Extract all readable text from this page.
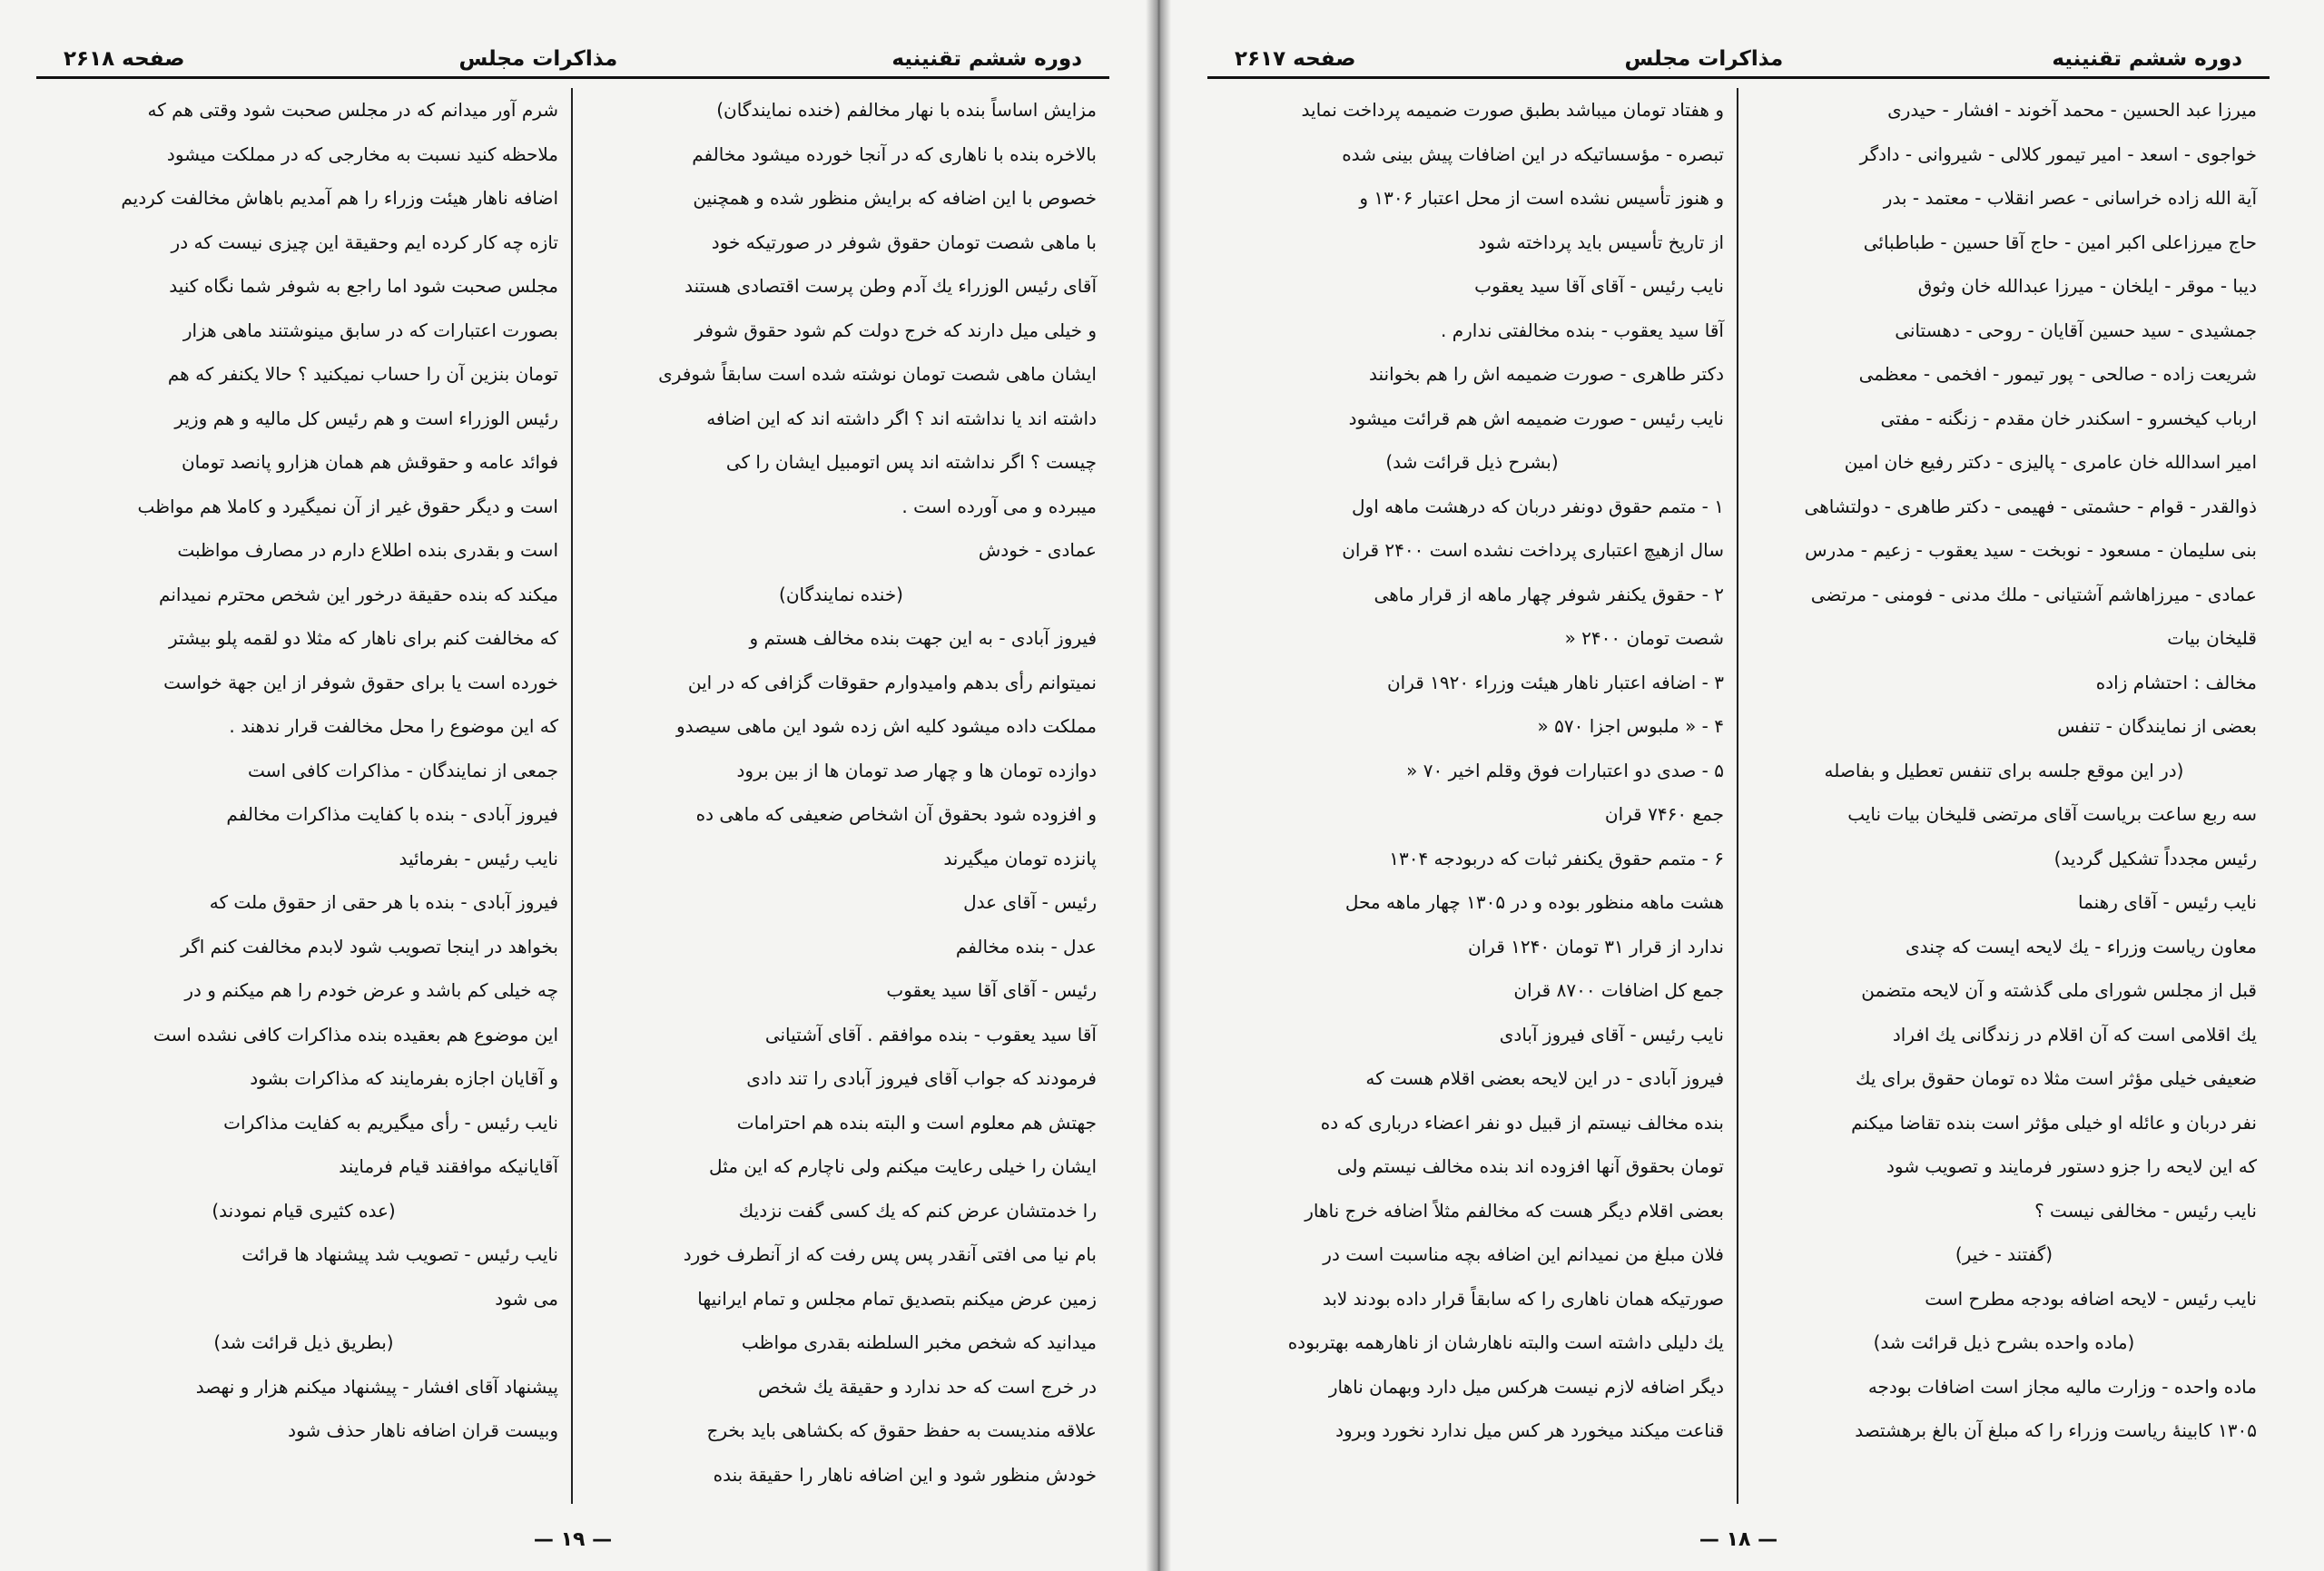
دوره ششم تقنینیه
مذاکرات مجلس
صفحه ۲۶۱۸
مزایش اساساً بنده با نهار مخالفم (خنده نمایندگان)
بالاخره بنده با ناهاری که در آنجا خورده میشود مخالفم
خصوص با این اضافه که برایش منظور شده و همچنین
با ماهی شصت تومان حقوق شوفر در صورتیکه خود
آقای رئیس الوزراء یك آدم وطن پرست اقتصادی هستند
و خیلی میل دارند که خرج دولت کم شود حقوق شوفر
ایشان ماهی شصت تومان نوشته شده است سابقاً شوفری
داشته اند یا نداشته اند ؟ اگر داشته اند که این اضافه
چیست ؟ اگر نداشته اند پس اتومبیل ایشان را کی
میبرده و می آورده است .
عمادی - خودش
(خنده نمایندگان)
فیروز آبادی - به این جهت بنده مخالف هستم و
نمیتوانم رأی بدهم وامیدوارم حقوقات گزافی که در این
مملکت داده میشود کلیه اش زده شود این ماهی سیصدو
دوازده تومان ها و چهار صد تومان ها از بین برود
و افزوده شود بحقوق آن اشخاص ضعیفی که ماهی ده
پانزده تومان میگیرند
رئیس - آقای عدل
عدل - بنده مخالفم
رئیس - آقای آقا سید یعقوب
آقا سید یعقوب - بنده موافقم . آقای آشتیانی
فرمودند که جواب آقای فیروز آبادی را تند دادی
جهتش هم معلوم است و البته بنده هم احترامات
ایشان را خیلی رعایت میکنم ولی ناچارم که این مثل
را خدمتشان عرض کنم که یك کسی گفت نزدیك
بام نیا می افتی آنقدر پس پس رفت که از آنطرف خورد
زمین عرض میکنم بتصدیق تمام مجلس و تمام ایرانیها
میدانید که شخص مخبر السلطنه بقدری مواظب
در خرج است که حد ندارد و حقیقة یك شخص
علاقه مندیست به حفظ حقوق که بکشاهی باید بخرج
خودش منظور شود و این اضافه ناهار را حقیقة بنده
شرم آور میدانم که در مجلس صحبت شود وقتی هم که
ملاحظه کنید نسبت به مخارجی که در مملکت میشود
اضافه ناهار هیئت وزراء را هم آمدیم باهاش مخالفت کردیم
تازه چه کار کرده ایم وحقیقة این چیزی نیست که در
مجلس صحبت شود اما راجع به شوفر شما نگاه کنید
بصورت اعتبارات که در سابق مینوشتند ماهی هزار
تومان بنزین آن را حساب نمیکنید ؟ حالا یکنفر که هم
رئیس الوزراء است و هم رئیس کل مالیه و هم وزیر
فوائد عامه و حقوقش هم همان هزارو پانصد تومان
است و دیگر حقوق غیر از آن نمیگیرد و کاملا هم مواظب
است و بقدری بنده اطلاع دارم در مصارف مواظبت
میکند که بنده حقیقة درخور این شخص محترم نمیدانم
که مخالفت کنم برای ناهار که مثلا دو لقمه پلو بیشتر
خورده است یا برای حقوق شوفر از این جهة خواست
که این موضوع را محل مخالفت قرار ندهند .
جمعی از نمایندگان - مذاکرات کافی است
فیروز آبادی - بنده با کفایت مذاکرات مخالفم
نایب رئیس - بفرمائید
فیروز آبادی - بنده با هر حقی از حقوق ملت که
بخواهد در اینجا تصویب شود لابدم مخالفت کنم اگر
چه خیلی کم باشد و عرض خودم را هم میکنم و در
این موضوع هم بعقیده بنده مذاکرات کافی نشده است
و آقایان اجازه بفرمایند که مذاکرات بشود
نایب رئیس - رأی میگیریم به کفایت مذاکرات
آقایانیکه موافقند قیام فرمایند
(عده کثیری قیام نمودند)
نایب رئیس - تصویب شد پیشنهاد ها قرائت
می شود
(بطریق ذیل قرائت شد)
پیشنهاد آقای افشار - پیشنهاد میکنم هزار و نهصد
وبیست قران اضافه ناهار حذف شود
— ۱۹ —
دوره ششم تقنینیه
مذاکرات مجلس
صفحه ۲۶۱۷
میرزا عبد الحسین - محمد آخوند - افشار - حیدری
خواجوی - اسعد - امیر تیمور کلالی - شیروانی - دادگر
آیة الله زاده خراسانی - عصر انقلاب - معتمد - بدر
حاج میرزاعلی اکبر امین - حاج آقا حسین - طباطبائی
دیبا - موقر - ایلخان - میرزا عبدالله خان وثوق
جمشیدی - سید حسین آقایان - روحی - دهستانی
شریعت زاده - صالحی - پور تیمور - افخمی - معظمی
ارباب کیخسرو - اسکندر خان مقدم - زنگنه - مفتی
امیر اسدالله خان عامری - پالیزی - دکتر رفیع خان امین
ذوالقدر - قوام - حشمتی - فهیمی - دکتر طاهری - دولتشاهی
بنی سلیمان - مسعود - نوبخت - سید یعقوب - زعیم - مدرس
عمادی - میرزاهاشم آشتیانی - ملك مدنی - فومنی - مرتضی
قلیخان بیات
مخالف : احتشام زاده
بعضی از نمایندگان - تنفس
(در این موقع جلسه برای تنفس تعطیل و بفاصله
سه ربع ساعت بریاست آقای مرتضی قلیخان بیات نایب
رئیس مجدداً تشکیل گردید)
نایب رئیس - آقای رهنما
معاون ریاست وزراء - یك لایحه ایست که چندی
قبل از مجلس شورای ملی گذشته و آن لایحه متضمن
یك اقلامی است که آن اقلام در زندگانی یك افراد
ضعیفی خیلی مؤثر است مثلا ده تومان حقوق برای یك
نفر دربان و عائله او خیلی مؤثر است بنده تقاضا میکنم
که این لایحه را جزو دستور فرمایند و تصویب شود
نایب رئیس - مخالفی نیست ؟
(گفتند - خیر)
نایب رئیس - لایحه اضافه بودجه مطرح است
(ماده واحده بشرح ذیل قرائت شد)
ماده واحده - وزارت مالیه مجاز است اضافات بودجه
۱۳۰۵ کابینهٔ ریاست وزراء را که مبلغ آن بالغ برهشتصد
و هفتاد تومان میباشد بطبق صورت ضمیمه پرداخت نماید
تبصره - مؤسساتیکه در این اضافات پیش بینی شده
و هنوز تأسیس نشده است از محل اعتبار ۱۳۰۶ و
از تاریخ تأسیس باید پرداخته شود
نایب رئیس - آقای آقا سید یعقوب
آقا سید یعقوب - بنده مخالفتی ندارم .
دکتر طاهری - صورت ضمیمه اش را هم بخوانند
نایب رئیس - صورت ضمیمه اش هم قرائت میشود
(بشرح ذیل قرائت شد)
۱ - متمم حقوق دونفر دربان که درهشت ماهه اول
سال ازهیچ اعتباری پرداخت نشده است ۲۴۰۰ قران
۲ - حقوق یکنفر شوفر چهار ماهه از قرار ماهی
شصت تومان ۲۴۰۰ «
۳ - اضافه اعتبار ناهار هیئت وزراء ۱۹۲۰ قران
۴ - « ملبوس اجزا ۵۷۰ «
۵ - صدی دو اعتبارات فوق وقلم اخیر ۷۰ «
جمع ۷۴۶۰ قران
۶ - متمم حقوق یکنفر ثبات که دربودجه ۱۳۰۴
هشت ماهه منظور بوده و در ۱۳۰۵ چهار ماهه محل
ندارد از قرار ۳۱ تومان ۱۲۴۰ قران
جمع کل اضافات ۸۷۰۰ قران
نایب رئیس - آقای فیروز آبادی
فیروز آبادی - در این لایحه بعضی اقلام هست که
بنده مخالف نیستم از قبیل دو نفر اعضاء درباری که ده
تومان بحقوق آنها افزوده اند بنده مخالف نیستم ولی
بعضی اقلام دیگر هست که مخالفم مثلاً اضافه خرج ناهار
فلان مبلغ من نمیدانم این اضافه بچه مناسبت است در
صورتیکه همان ناهاری را که سابقاً قرار داده بودند لابد
یك دلیلی داشته است والبته ناهارشان از ناهارهمه بهتربوده
دیگر اضافه لازم نیست هرکس میل دارد وبهمان ناهار
قناعت میکند میخورد هر کس میل ندارد نخورد وبرود
— ۱۸ —
